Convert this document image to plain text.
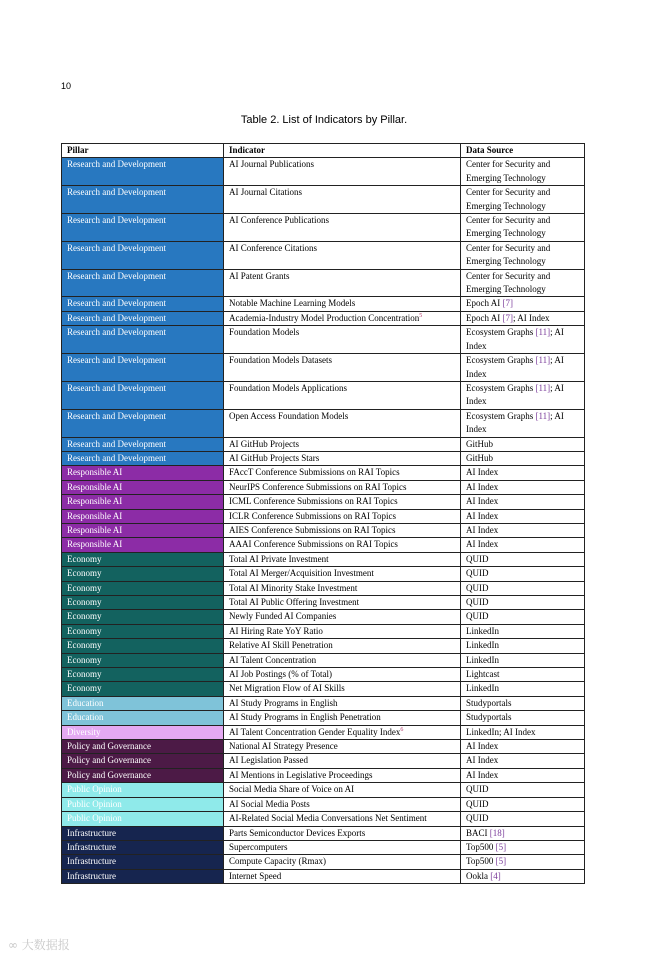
10
Table 2. List of Indicators by Pillar.
Pillar	Indicator	Data Source
Research and Development	AI Journal Publications	Center for Security and Emerging Technology
Research and Development	AI Journal Citations	Center for Security and Emerging Technology
Research and Development	AI Conference Publications	Center for Security and Emerging Technology
Research and Development	AI Conference Citations	Center for Security and Emerging Technology
Research and Development	AI Patent Grants	Center for Security and Emerging Technology
Research and Development	Notable Machine Learning Models	Epoch AI [7]
Research and Development	Academia-Industry Model Production Concentration$^5$	Epoch AI [7]; AI Index
Research and Development	Foundation Models	Ecosystem Graphs [11]; AI Index
Research and Development	Foundation Models Datasets	Ecosystem Graphs [11]; AI Index
Research and Development	Foundation Models Applications	Ecosystem Graphs [11]; AI Index
Research and Development	Open Access Foundation Models	Ecosystem Graphs [11]; AI Index
Research and Development	AI GitHub Projects	GitHub
Research and Development	AI GitHub Projects Stars	GitHub
Responsible AI	FAccT Conference Submissions on RAI Topics	AI Index
Responsible AI	NeurIPS Conference Submissions on RAI Topics	AI Index
Responsible AI	ICML Conference Submissions on RAI Topics	AI Index
Responsible AI	ICLR Conference Submissions on RAI Topics	AI Index
Responsible AI	AIES Conference Submissions on RAI Topics	AI Index
Responsible AI	AAAI Conference Submissions on RAI Topics	AI Index
Economy	Total AI Private Investment	QUID
Economy	Total AI Merger/Acquisition Investment	QUID
Economy	Total AI Minority Stake Investment	QUID
Economy	Total AI Public Offering Investment	QUID
Economy	Newly Funded AI Companies	QUID
Economy	AI Hiring Rate YoY Ratio	LinkedIn
Economy	Relative AI Skill Penetration	LinkedIn
Economy	AI Talent Concentration	LinkedIn
Economy	AI Job Postings (% of Total)	Lightcast
Economy	Net Migration Flow of AI Skills	LinkedIn
Education	AI Study Programs in English	Studyportals
Education	AI Study Programs in English Penetration	Studyportals
Diversity	AI Talent Concentration Gender Equality Index$^6$	LinkedIn; AI Index
Policy and Governance	National AI Strategy Presence	AI Index
Policy and Governance	AI Legislation Passed	AI Index
Policy and Governance	AI Mentions in Legislative Proceedings	AI Index
Public Opinion	Social Media Share of Voice on AI	QUID
Public Opinion	AI Social Media Posts	QUID
Public Opinion	AI-Related Social Media Conversations Net Sentiment	QUID
Infrastructure	Parts Semiconductor Devices Exports	BACI [18]
Infrastructure	Supercomputers	Top500 [5]
Infrastructure	Compute Capacity (Rmax)	Top500 [5]
Infrastructure	Internet Speed	Ookla [4]
∞ 大数据报
